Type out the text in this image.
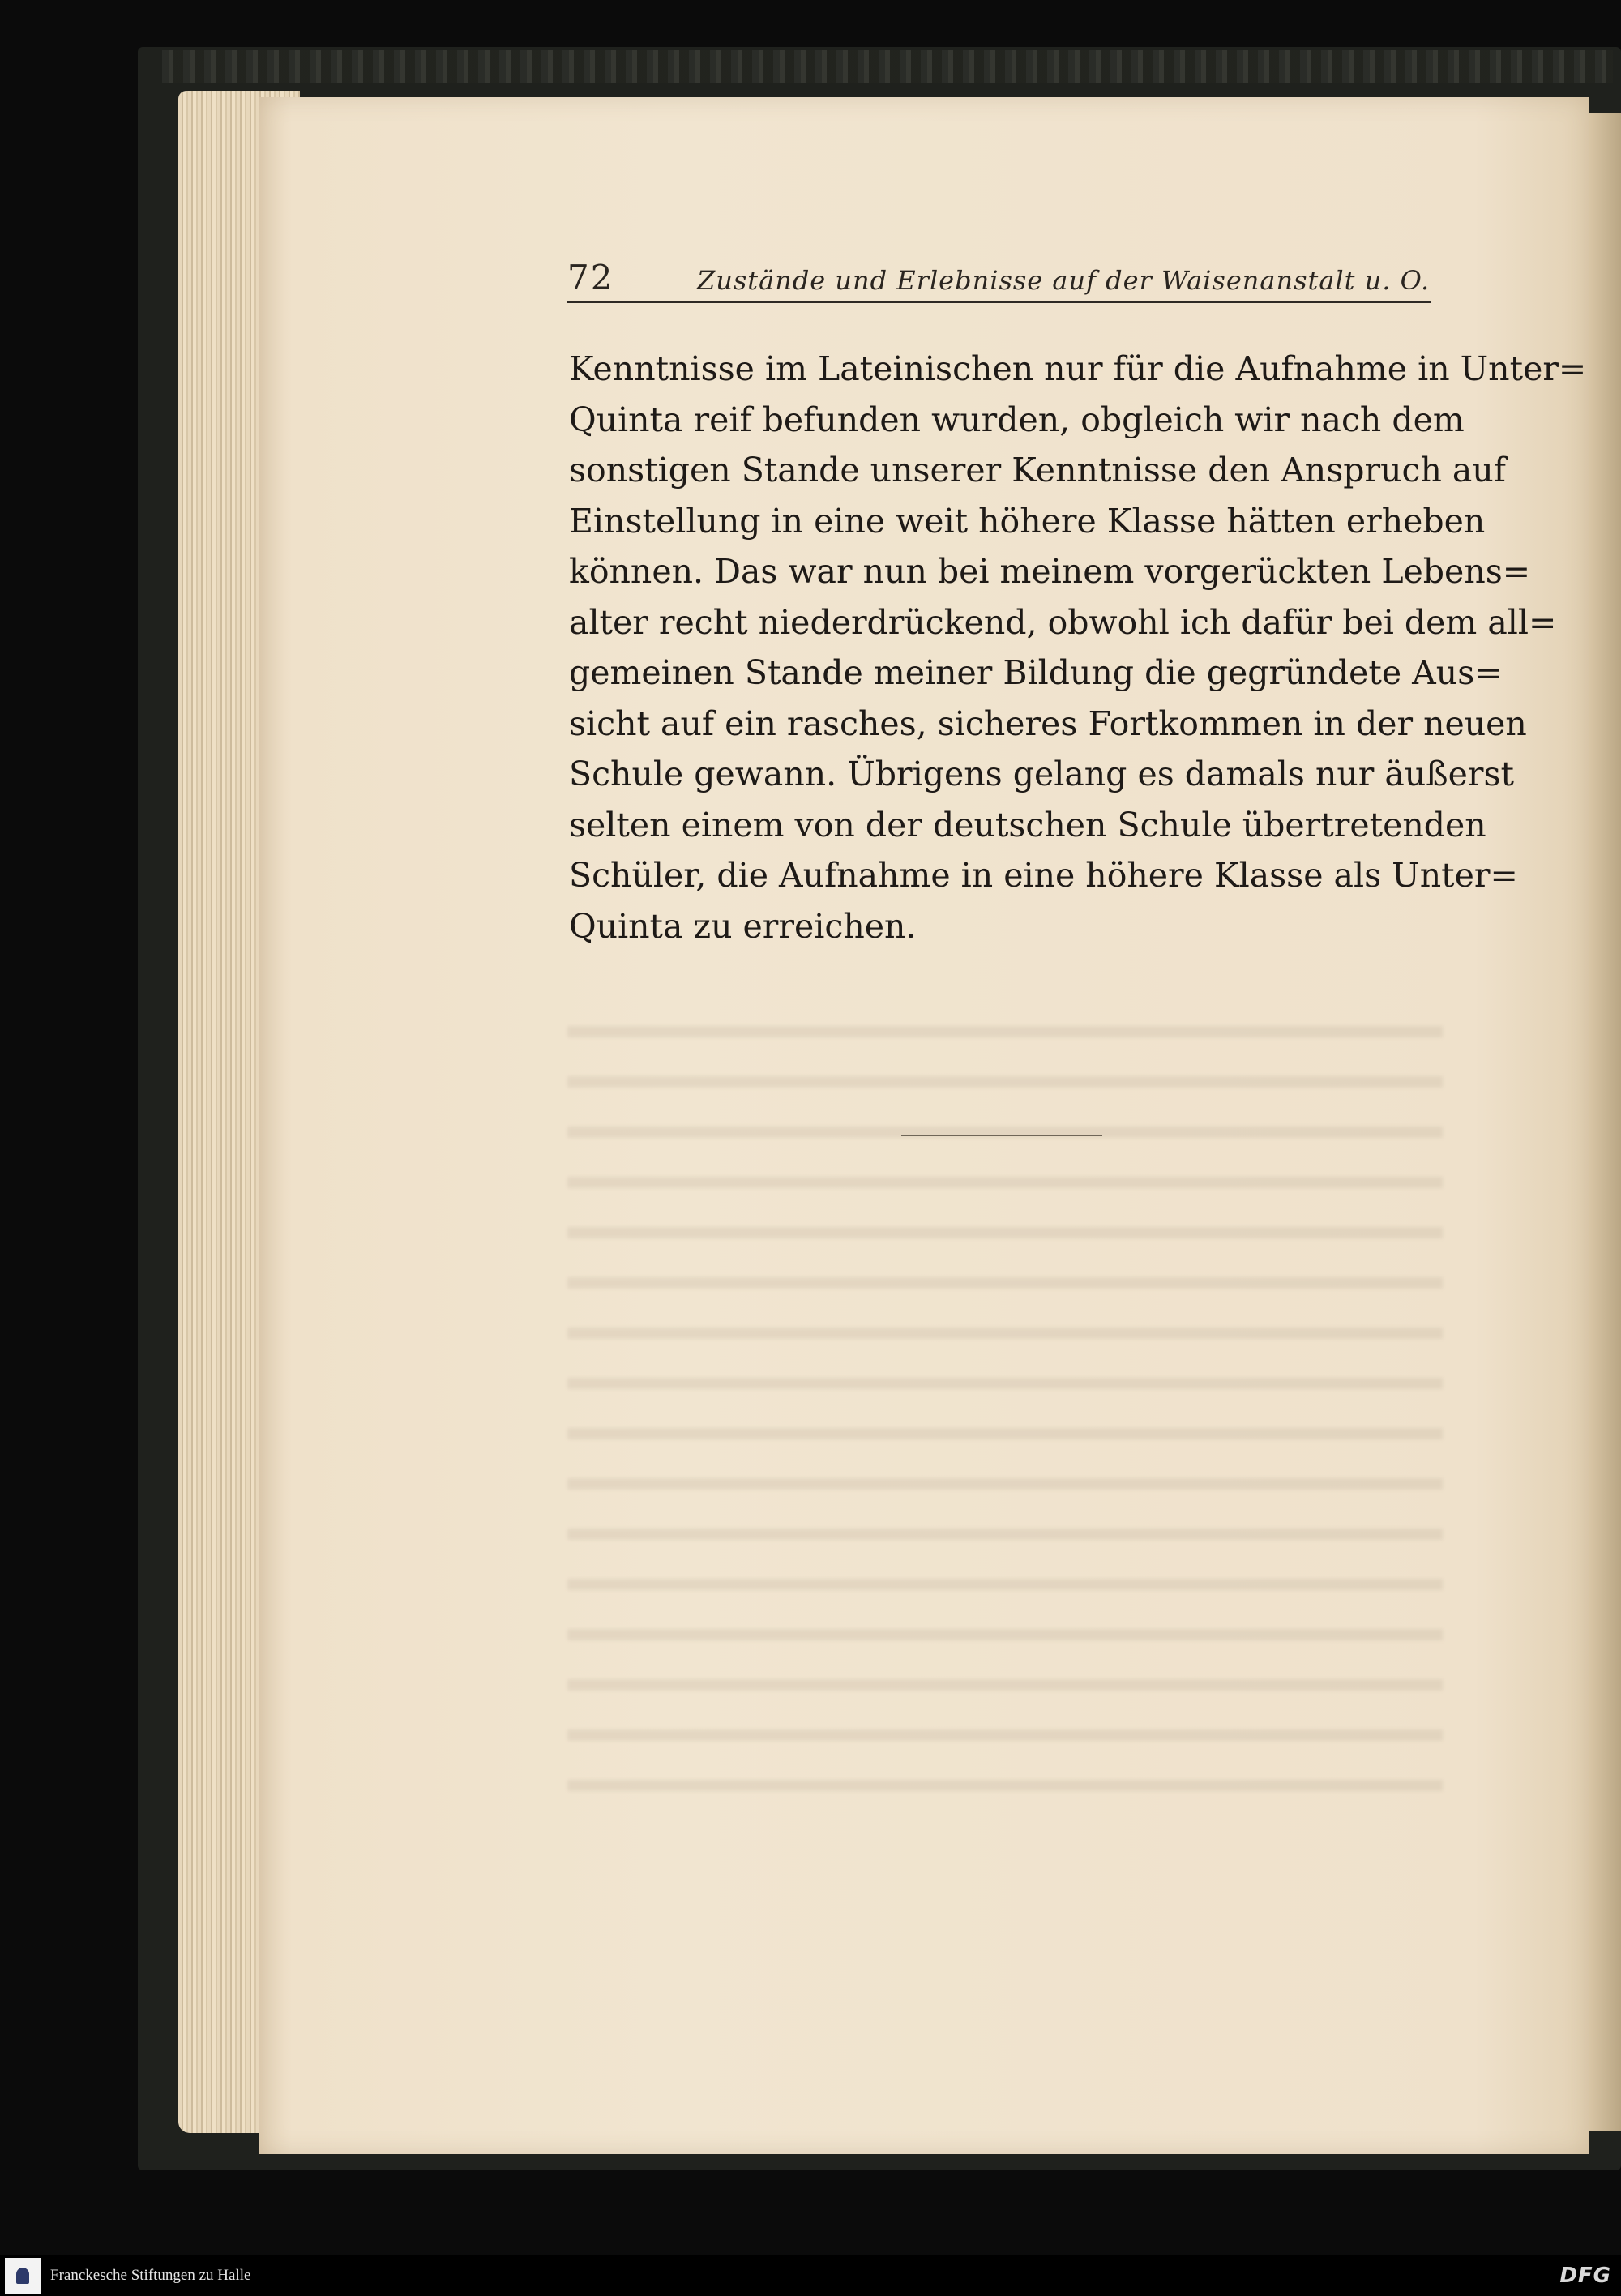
72	Zustände und Erlebnisse auf der Waisenanstalt u. O.
Kenntnisse im Lateinischen nur für die Aufnahme in Unter=
Quinta reif befunden wurden, obgleich wir nach dem
sonstigen Stande unserer Kenntnisse den Anspruch auf
Einstellung in eine weit höhere Klasse hätten erheben
können. Das war nun bei meinem vorgerückten Lebens=
alter recht niederdrückend, obwohl ich dafür bei dem all=
gemeinen Stande meiner Bildung die gegründete Aus=
sicht auf ein rasches, sicheres Fortkommen in der neuen
Schule gewann. Übrigens gelang es damals nur äußerst
selten einem von der deutschen Schule übertretenden
Schüler, die Aufnahme in eine höhere Klasse als Unter=
Quinta zu erreichen.
Franckesche Stiftungen zu Halle	DFG
